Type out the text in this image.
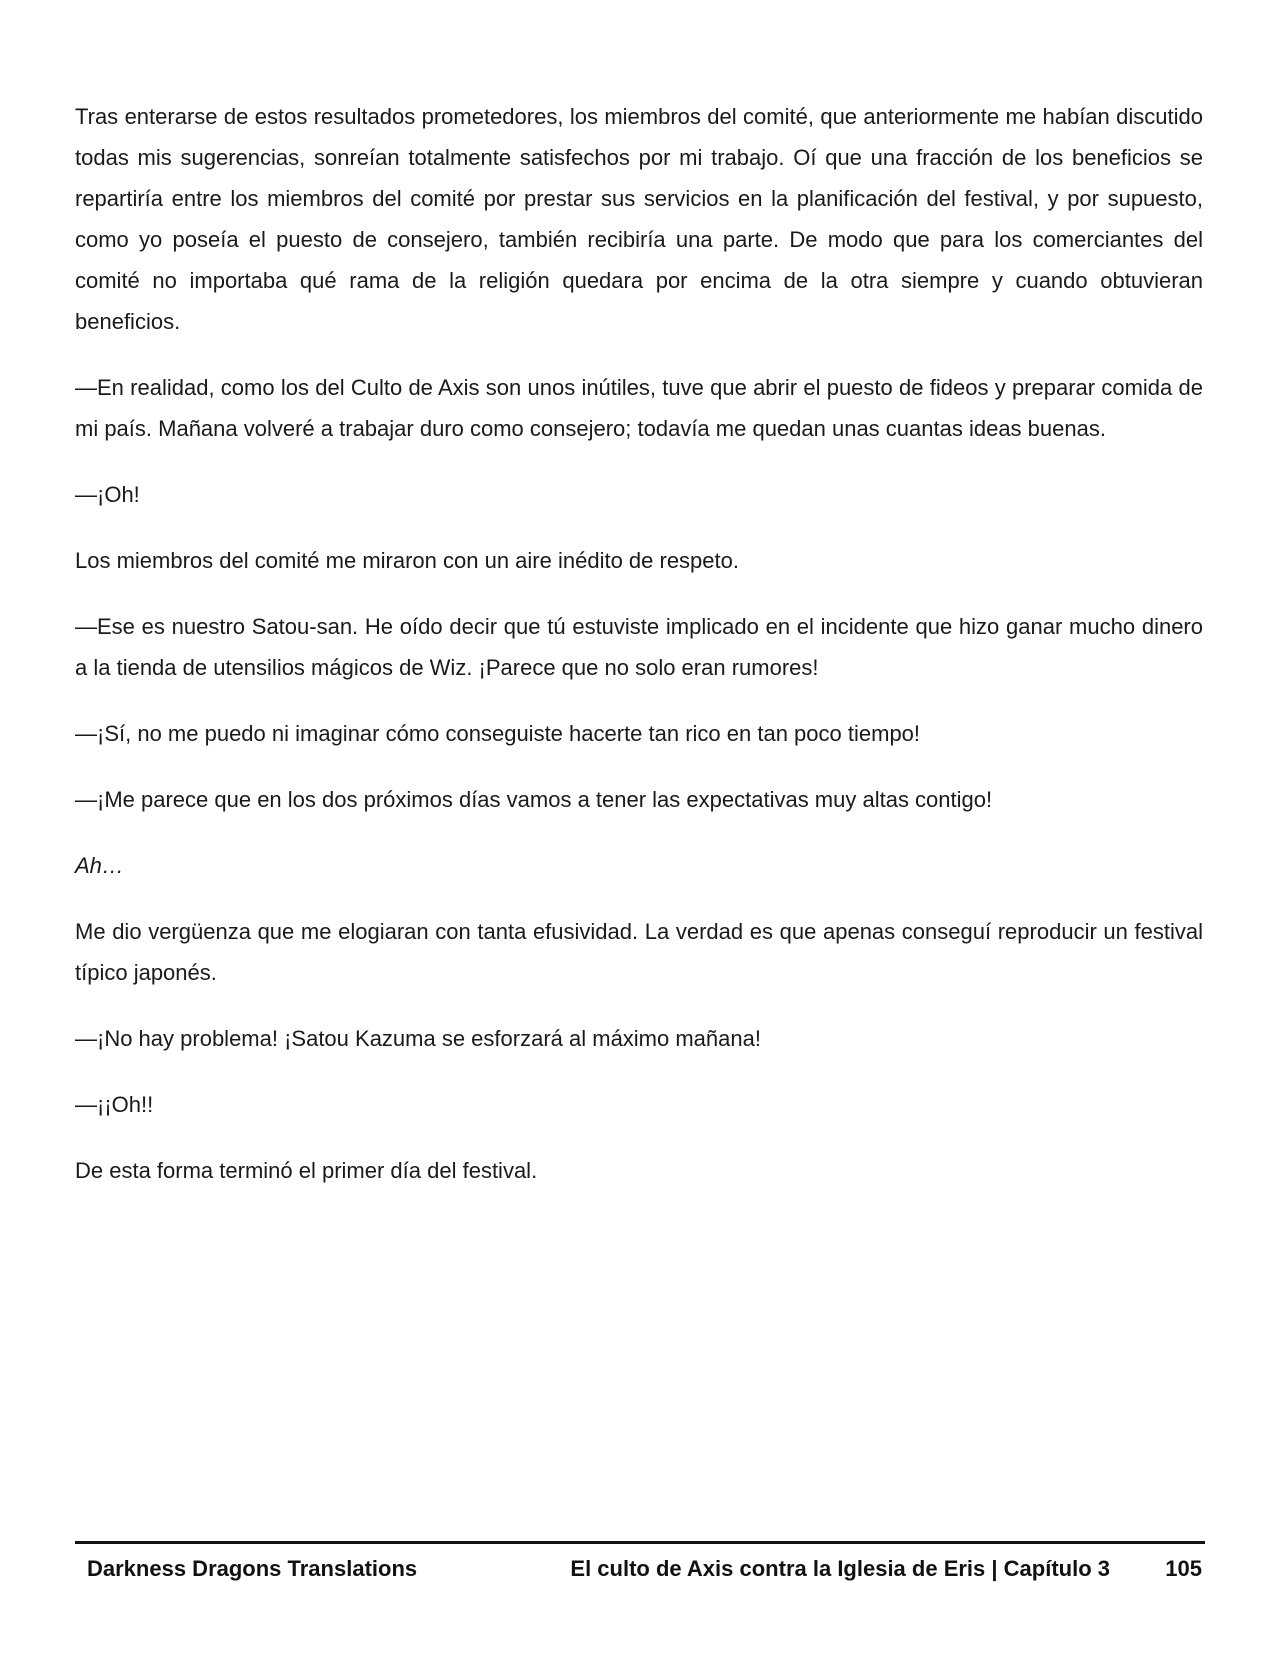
Tras enterarse de estos resultados prometedores, los miembros del comité, que anteriormente me habían discutido todas mis sugerencias, sonreían totalmente satisfechos por mi trabajo. Oí que una fracción de los beneficios se repartiría entre los miembros del comité por prestar sus servicios en la planificación del festival, y por supuesto, como yo poseía el puesto de consejero, también recibiría una parte. De modo que para los comerciantes del comité no importaba qué rama de la religión quedara por encima de la otra siempre y cuando obtuvieran beneficios.

—En realidad, como los del Culto de Axis son unos inútiles, tuve que abrir el puesto de fideos y preparar comida de mi país. Mañana volveré a trabajar duro como consejero; todavía me quedan unas cuantas ideas buenas.

—¡Oh!

Los miembros del comité me miraron con un aire inédito de respeto.

—Ese es nuestro Satou-san. He oído decir que tú estuviste implicado en el incidente que hizo ganar mucho dinero a la tienda de utensilios mágicos de Wiz. ¡Parece que no solo eran rumores!

—¡Sí, no me puedo ni imaginar cómo conseguiste hacerte tan rico en tan poco tiempo!

—¡Me parece que en los dos próximos días vamos a tener las expectativas muy altas contigo!

Ah…

Me dio vergüenza que me elogiaran con tanta efusividad. La verdad es que apenas conseguí reproducir un festival típico japonés.

—¡No hay problema! ¡Satou Kazuma se esforzará al máximo mañana!

—¡¡Oh!!

De esta forma terminó el primer día del festival.

Darkness Dragons Translations	El culto de Axis contra la Iglesia de Eris | Capítulo 3	105
